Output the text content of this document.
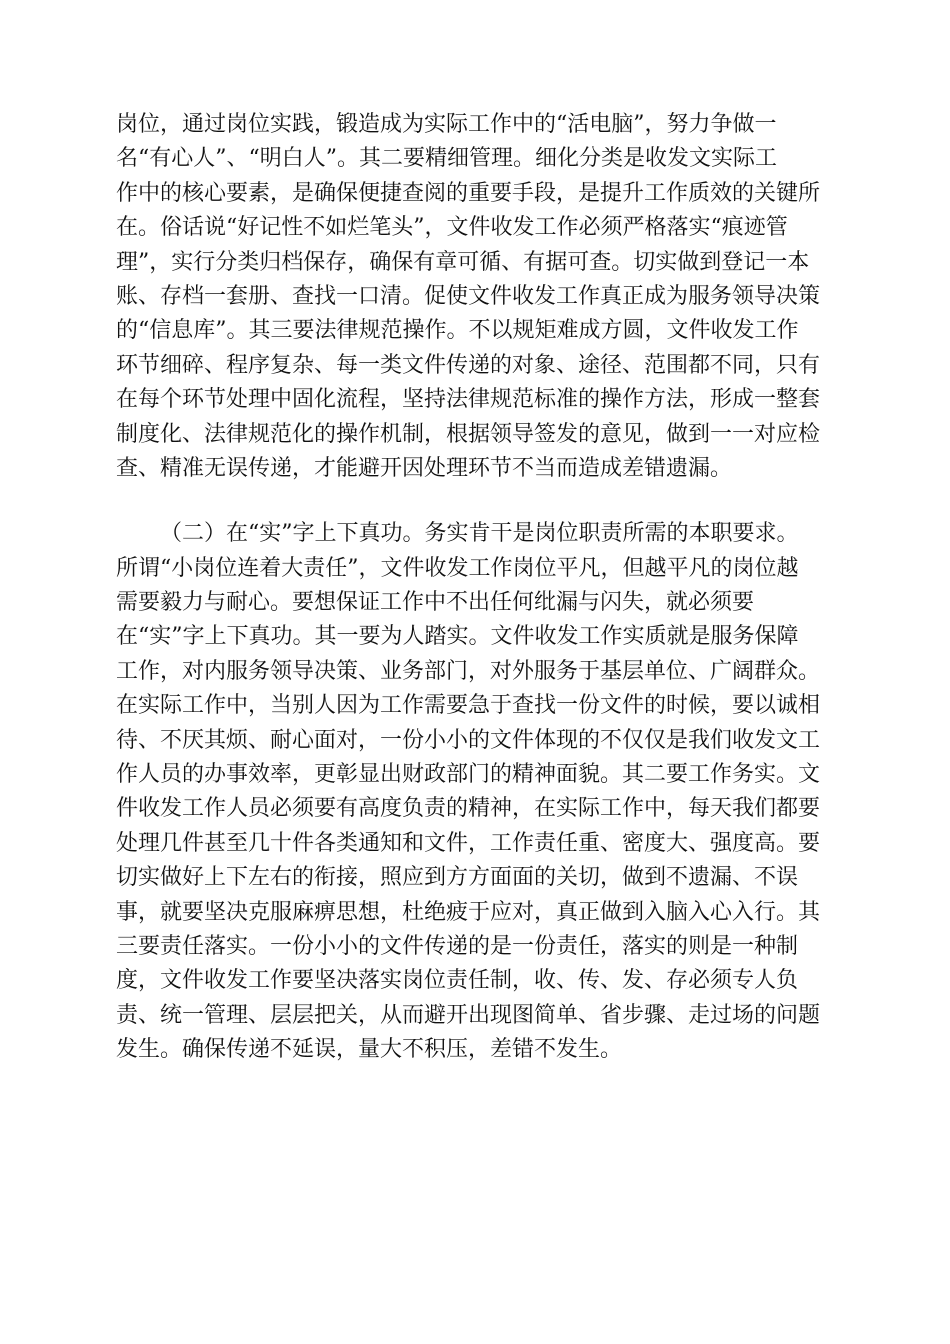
岗位，通过岗位实践，锻造成为实际工作中的“活电脑”，努力争做一
名“有心人”、“明白人”。其二要精细管理。细化分类是收发文实际工
作中的核心要素，是确保便捷查阅的重要手段，是提升工作质效的关键所
在。俗话说“好记性不如烂笔头”，文件收发工作必须严格落实“痕迹管
理”，实行分类归档保存，确保有章可循、有据可查。切实做到登记一本
账、存档一套册、查找一口清。促使文件收发工作真正成为服务领导决策
的“信息库”。其三要法律规范操作。不以规矩难成方圆，文件收发工作
环节细碎、程序复杂、每一类文件传递的对象、途径、范围都不同，只有
在每个环节处理中固化流程，坚持法律规范标准的操作方法，形成一整套
制度化、法律规范化的操作机制，根据领导签发的意见，做到一一对应检
查、精准无误传递，才能避开因处理环节不当而造成差错遗漏。
（二）在“实”字上下真功。务实肯干是岗位职责所需的本职要求。
所谓“小岗位连着大责任”，文件收发工作岗位平凡，但越平凡的岗位越
需要毅力与耐心。要想保证工作中不出任何纰漏与闪失，就必须要
在“实”字上下真功。其一要为人踏实。文件收发工作实质就是服务保障
工作，对内服务领导决策、业务部门，对外服务于基层单位、广阔群众。
在实际工作中，当别人因为工作需要急于查找一份文件的时候，要以诚相
待、不厌其烦、耐心面对，一份小小的文件体现的不仅仅是我们收发文工
作人员的办事效率，更彰显出财政部门的精神面貌。其二要工作务实。文
件收发工作人员必须要有高度负责的精神，在实际工作中，每天我们都要
处理几件甚至几十件各类通知和文件，工作责任重、密度大、强度高。要
切实做好上下左右的衔接，照应到方方面面的关切，做到不遗漏、不误
事，就要坚决克服麻痹思想，杜绝疲于应对，真正做到入脑入心入行。其
三要责任落实。一份小小的文件传递的是一份责任，落实的则是一种制
度，文件收发工作要坚决落实岗位责任制，收、传、发、存必须专人负
责、统一管理、层层把关，从而避开出现图简单、省步骤、走过场的问题
发生。确保传递不延误，量大不积压，差错不发生。
